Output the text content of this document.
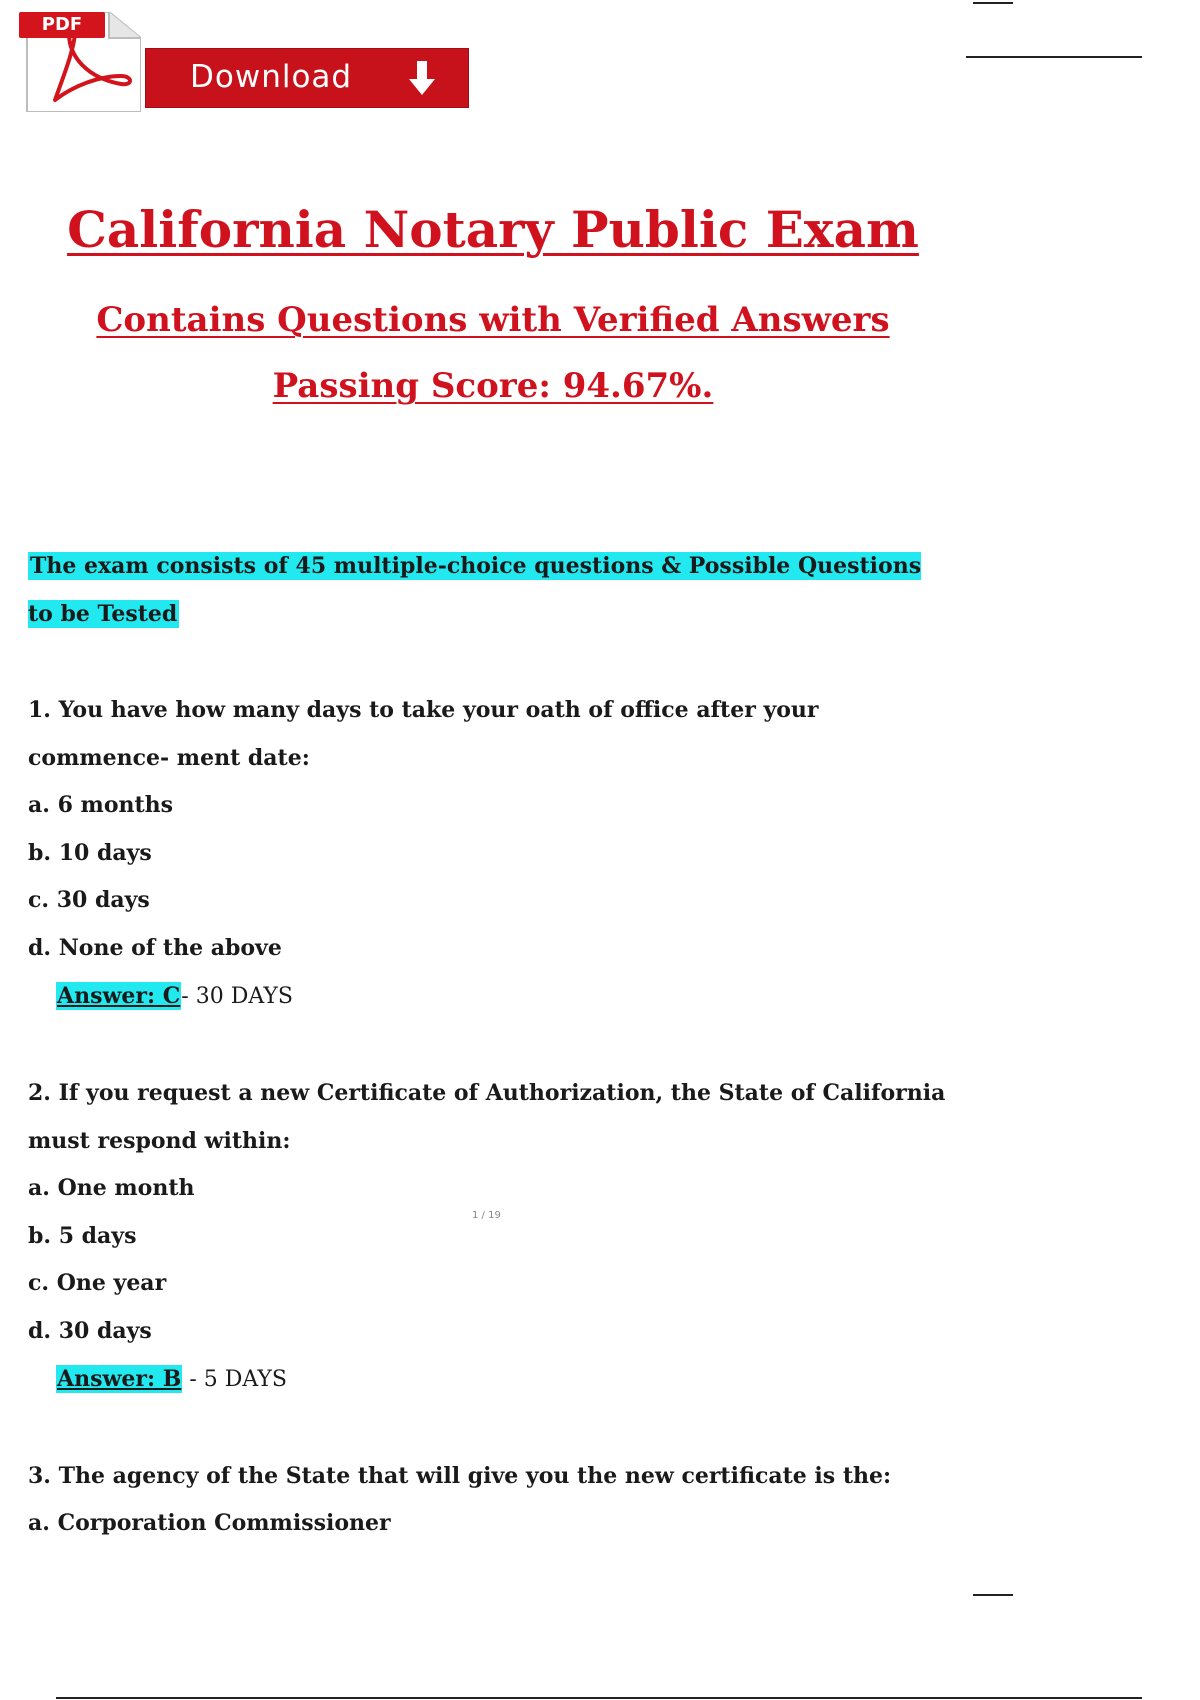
PDF
Download
California Notary Public Exam
Contains Questions with Verified Answers
Passing Score: 94.67%.

The exam consists of 45 multiple-choice questions & Possible Questions to be Tested

1. You have how many days to take your oath of office after your commence- ment date:

a. 6 months

b. 10 days

c. 30 days

d. None of the above

Answer: C- 30 DAYS

2. If you request a new Certificate of Authorization, the State of California must respond within:

a. One month

b. 5 days

c. One year

d. 30 days

Answer: B - 5 DAYS

3. The agency of the State that will give you the new certificate is the:

a. Corporation Commissioner

1 / 19
